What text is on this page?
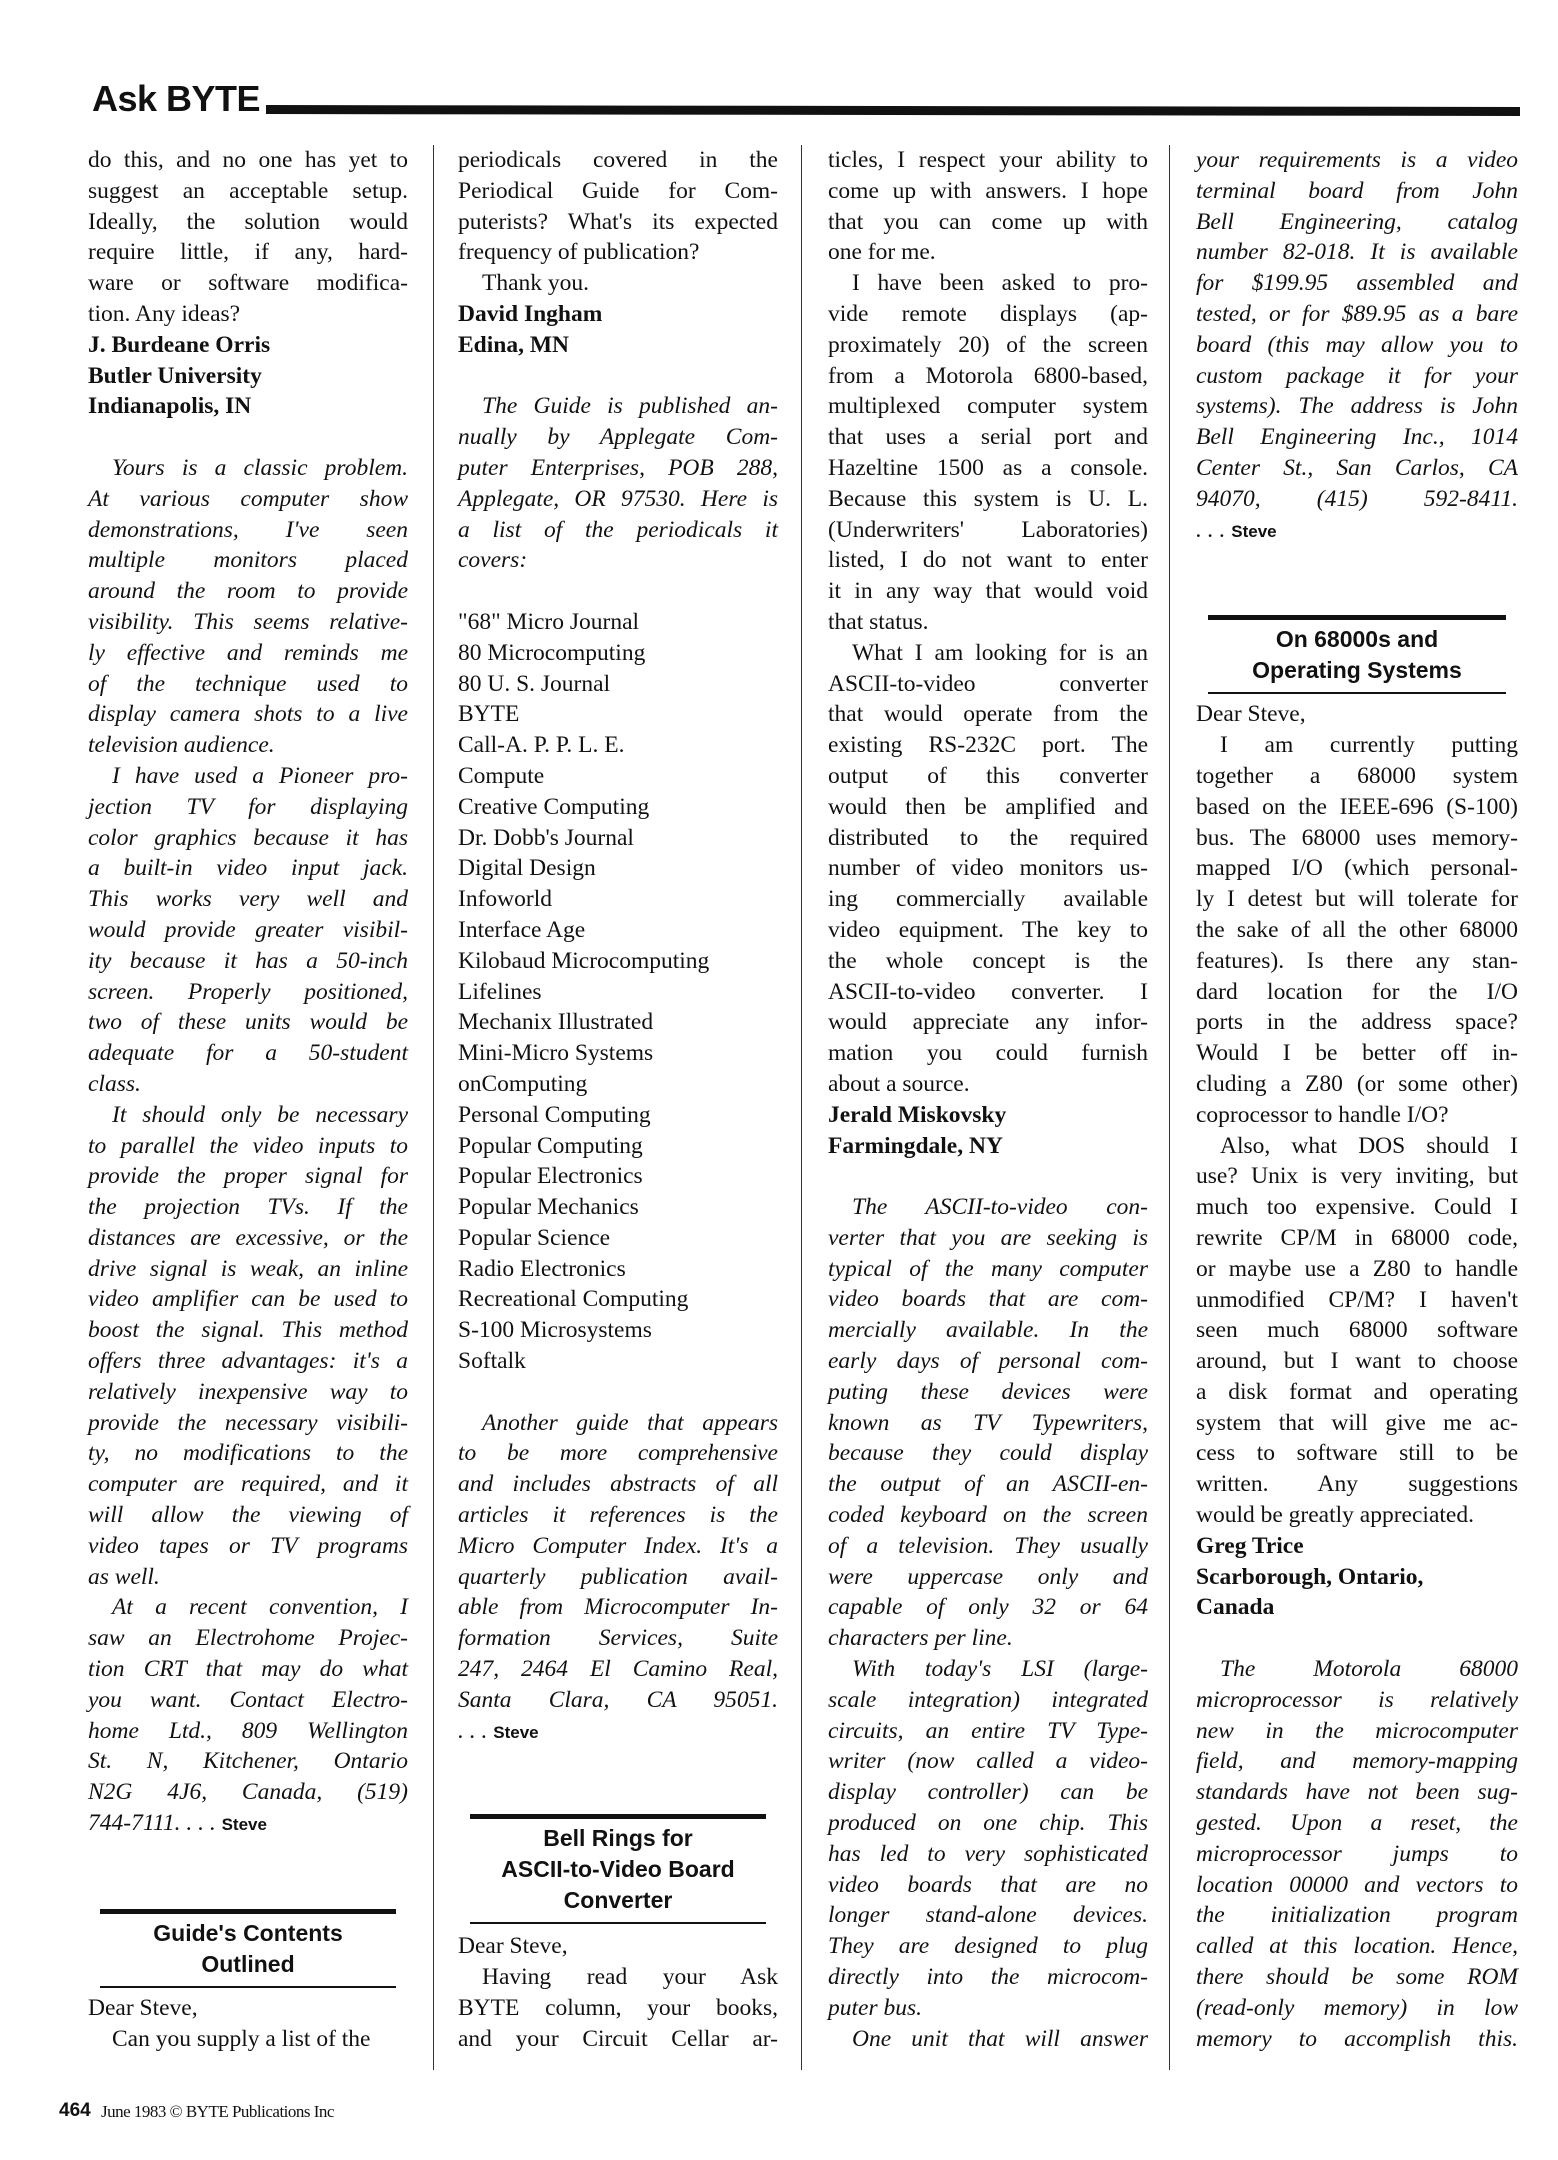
Ask BYTE
do this, and no one has yet to
suggest an acceptable setup.
Ideally, the solution would
require little, if any, hard-
ware or software modifica-
tion. Any ideas?
J. Burdeane Orris
Butler University
Indianapolis, IN
Yours is a classic problem.
At various computer show
demonstrations, I've seen
multiple monitors placed
around the room to provide
visibility. This seems relative-
ly effective and reminds me
of the technique used to
display camera shots to a live
television audience.
I have used a Pioneer pro-
jection TV for displaying
color graphics because it has
a built-in video input jack.
This works very well and
would provide greater visibil-
ity because it has a 50-inch
screen. Properly positioned,
two of these units would be
adequate for a 50-student
class.
It should only be necessary
to parallel the video inputs to
provide the proper signal for
the projection TVs. If the
distances are excessive, or the
drive signal is weak, an inline
video amplifier can be used to
boost the signal. This method
offers three advantages: it's a
relatively inexpensive way to
provide the necessary visibili-
ty, no modifications to the
computer are required, and it
will allow the viewing of
video tapes or TV programs
as well.
At a recent convention, I
saw an Electrohome Projec-
tion CRT that may do what
you want. Contact Electro-
home Ltd., 809 Wellington
St. N, Kitchener, Ontario
N2G 4J6, Canada, (519)
744-7111. . . . Steve
Guide's Contents
Outlined
Dear Steve,
Can you supply a list of the
periodicals covered in the
Periodical Guide for Com-
puterists? What's its expected
frequency of publication?
Thank you.
David Ingham
Edina, MN
The Guide is published an-
nually by Applegate Com-
puter Enterprises, POB 288,
Applegate, OR 97530. Here is
a list of the periodicals it
covers:
"68" Micro Journal
80 Microcomputing
80 U. S. Journal
BYTE
Call-A. P. P. L. E.
Compute
Creative Computing
Dr. Dobb's Journal
Digital Design
Infoworld
Interface Age
Kilobaud Microcomputing
Lifelines
Mechanix Illustrated
Mini-Micro Systems
onComputing
Personal Computing
Popular Computing
Popular Electronics
Popular Mechanics
Popular Science
Radio Electronics
Recreational Computing
S-100 Microsystems
Softalk
Another guide that appears
to be more comprehensive
and includes abstracts of all
articles it references is the
Micro Computer Index. It's a
quarterly publication avail-
able from Microcomputer In-
formation Services, Suite
247, 2464 El Camino Real,
Santa Clara, CA 95051.
. . . Steve
Bell Rings for
ASCII-to-Video Board
Converter
Dear Steve,
Having read your Ask
BYTE column, your books,
and your Circuit Cellar ar-
ticles, I respect your ability to
come up with answers. I hope
that you can come up with
one for me.
I have been asked to pro-
vide remote displays (ap-
proximately 20) of the screen
from a Motorola 6800-based,
multiplexed computer system
that uses a serial port and
Hazeltine 1500 as a console.
Because this system is U. L.
(Underwriters' Laboratories)
listed, I do not want to enter
it in any way that would void
that status.
What I am looking for is an
ASCII-to-video converter
that would operate from the
existing RS-232C port. The
output of this converter
would then be amplified and
distributed to the required
number of video monitors us-
ing commercially available
video equipment. The key to
the whole concept is the
ASCII-to-video converter. I
would appreciate any infor-
mation you could furnish
about a source.
Jerald Miskovsky
Farmingdale, NY
The ASCII-to-video con-
verter that you are seeking is
typical of the many computer
video boards that are com-
mercially available. In the
early days of personal com-
puting these devices were
known as TV Typewriters,
because they could display
the output of an ASCII-en-
coded keyboard on the screen
of a television. They usually
were uppercase only and
capable of only 32 or 64
characters per line.
With today's LSI (large-
scale integration) integrated
circuits, an entire TV Type-
writer (now called a video-
display controller) can be
produced on one chip. This
has led to very sophisticated
video boards that are no
longer stand-alone devices.
They are designed to plug
directly into the microcom-
puter bus.
One unit that will answer
your requirements is a video
terminal board from John
Bell Engineering, catalog
number 82-018. It is available
for $199.95 assembled and
tested, or for $89.95 as a bare
board (this may allow you to
custom package it for your
systems). The address is John
Bell Engineering Inc., 1014
Center St., San Carlos, CA
94070, (415) 592-8411.
. . . Steve
On 68000s and
Operating Systems
Dear Steve,
I am currently putting
together a 68000 system
based on the IEEE-696 (S-100)
bus. The 68000 uses memory-
mapped I/O (which personal-
ly I detest but will tolerate for
the sake of all the other 68000
features). Is there any stan-
dard location for the I/O
ports in the address space?
Would I be better off in-
cluding a Z80 (or some other)
coprocessor to handle I/O?
Also, what DOS should I
use? Unix is very inviting, but
much too expensive. Could I
rewrite CP/M in 68000 code,
or maybe use a Z80 to handle
unmodified CP/M? I haven't
seen much 68000 software
around, but I want to choose
a disk format and operating
system that will give me ac-
cess to software still to be
written. Any suggestions
would be greatly appreciated.
Greg Trice
Scarborough, Ontario,
Canada
The Motorola 68000
microprocessor is relatively
new in the microcomputer
field, and memory-mapping
standards have not been sug-
gested. Upon a reset, the
microprocessor jumps to
location 00000 and vectors to
the initialization program
called at this location. Hence,
there should be some ROM
(read-only memory) in low
memory to accomplish this.
464 June 1983 © BYTE Publications Inc
